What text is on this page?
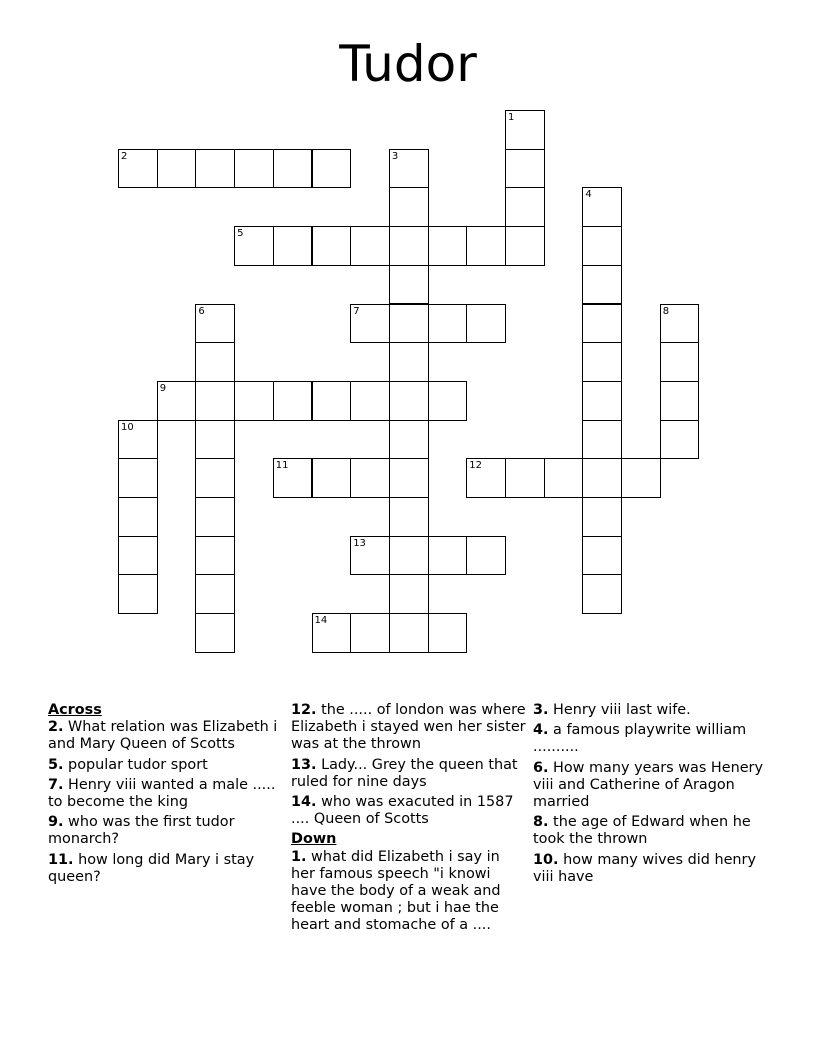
Tudor
1
2	3
4
5
6	7	8
9
10
11	12
13
14
Across
2. What relation was Elizabeth i and Mary Queen of Scotts
5. popular tudor sport
7. Henry viii wanted a male ..... to become the king
9. who was the first tudor monarch?
11. how long did Mary i stay queen?
12. the ..... of london was where Elizabeth i stayed wen her sister was at the thrown
13. Lady... Grey the queen that ruled for nine days
14. who was exacuted in 1587 .... Queen of Scotts
Down
1. what did Elizabeth i say in her famous speech "i knowi have the body of a weak and feeble woman ; but i hae the heart and stomache of a ....
3. Henry viii last wife.
4. a famous playwrite william ..........
6. How many years was Henery viii and Catherine of Aragon married
8. the age of Edward when he took the thrown
10. how many wives did henry viii have
